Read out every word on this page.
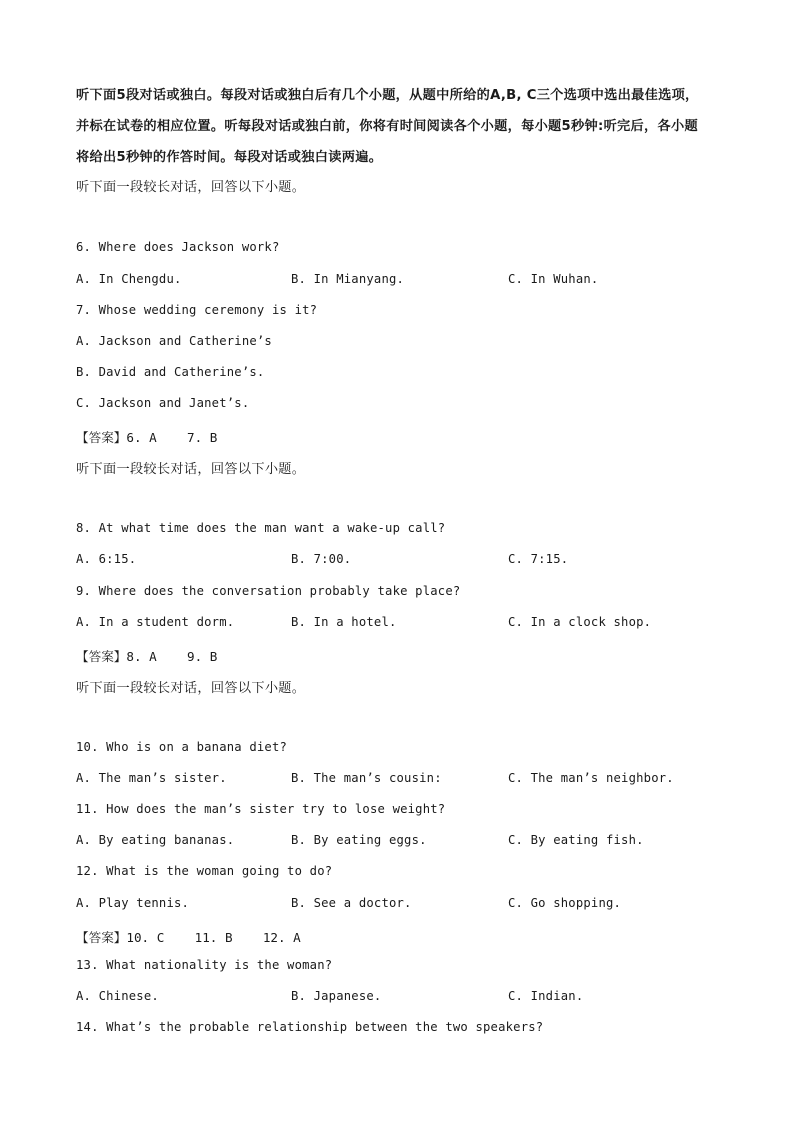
听下面5段对话或独白。每段对话或独白后有几个小题，从题中所给的A,B, C三个选项中选出最佳选项，
并标在试卷的相应位置。听每段对话或独白前，你将有时间阅读各个小题，每小题5秒钟:听完后，各小题
将给出5秒钟的作答时间。每段对话或独白读两遍。
听下面一段较长对话，回答以下小题。
6. Where does Jackson work?
A. In Chengdu.	B. In Mianyang.	C. In Wuhan.
7. Whose wedding ceremony is it?
A. Jackson and Catherine’s
B. David and Catherine’s.
C. Jackson and Janet’s.
【答案】6. A    7. B
听下面一段较长对话，回答以下小题。
8. At what time does the man want a wake-up call?
A. 6:15.	B. 7:00.	C. 7:15.
9. Where does the conversation probably take place?
A. In a student dorm.	B. In a hotel.	C. In a clock shop.
【答案】8. A    9. B
听下面一段较长对话，回答以下小题。
10. Who is on a banana diet?
A. The man’s sister.	B. The man’s cousin:	C. The man’s neighbor.
11. How does the man’s sister try to lose weight?
A. By eating bananas.	B. By eating eggs.	C. By eating fish.
12. What is the woman going to do?
A. Play tennis.	B. See a doctor.	C. Go shopping.
【答案】10. C    11. B    12. A
13. What nationality is the woman?
A. Chinese.	B. Japanese.	C. Indian.
14. What’s the probable relationship between the two speakers?
